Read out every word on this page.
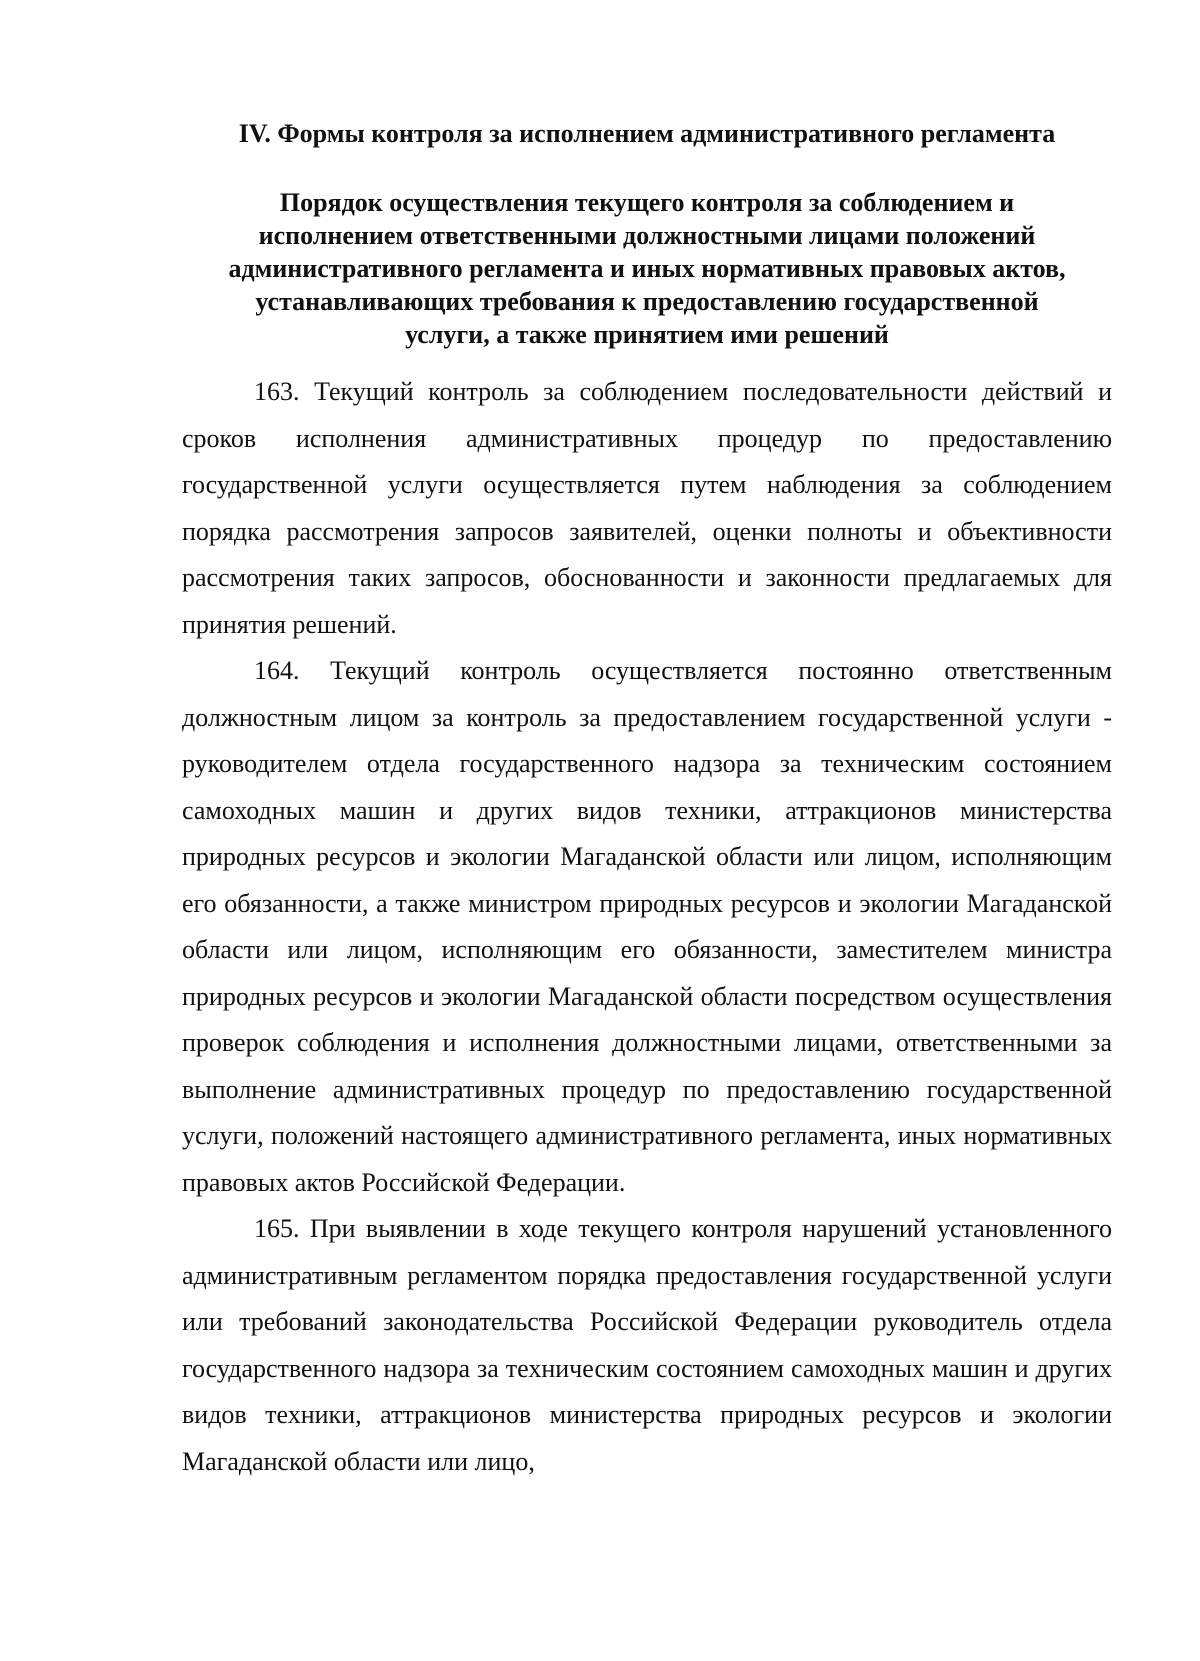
IV. Формы контроля за исполнением административного регламента
Порядок осуществления текущего контроля за соблюдением и
исполнением ответственными должностными лицами положений
административного регламента и иных нормативных правовых актов,
устанавливающих требования к предоставлению государственной
услуги, а также принятием ими решений

163. Текущий контроль за соблюдением последовательности действий и сроков исполнения административных процедур по предоставлению государственной услуги осуществляется путем наблюдения за соблюдением порядка рассмотрения запросов заявителей, оценки полноты и объективности рассмотрения таких запросов, обоснованности и законности предлагаемых для принятия решений.

164. Текущий контроль осуществляется постоянно ответственным должностным лицом за контроль за предоставлением государственной услуги - руководителем отдела государственного надзора за техническим состоянием самоходных машин и других видов техники, аттракционов министерства природных ресурсов и экологии Магаданской области или лицом, исполняющим его обязанности, а также министром природных ресурсов и экологии Магаданской области или лицом, исполняющим его обязанности, заместителем министра природных ресурсов и экологии Магаданской области посредством осуществления проверок соблюдения и исполнения должностными лицами, ответственными за выполнение административных процедур по предоставлению государственной услуги, положений настоящего административного регламента, иных нормативных правовых актов Российской Федерации.

165. При выявлении в ходе текущего контроля нарушений установленного административным регламентом порядка предоставления государственной услуги или требований законодательства Российской Федерации руководитель отдела государственного надзора за техническим состоянием самоходных машин и других видов техники, аттракционов министерства природных ресурсов и экологии Магаданской области или лицо,
